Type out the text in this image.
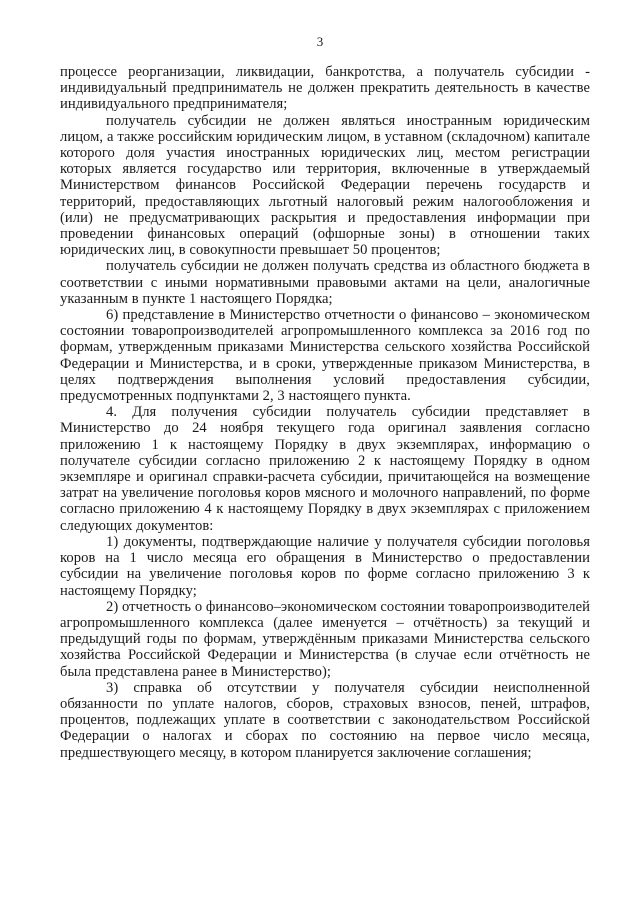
3

процессе реорганизации, ликвидации, банкротства, а получатель субсидии - индивидуальный предприниматель не должен прекратить деятельность в качестве индивидуального предпринимателя;

получатель субсидии не должен являться иностранным юридическим лицом, а также российским юридическим лицом, в уставном (складочном) капитале которого доля участия иностранных юридических лиц, местом регистрации которых является государство или территория, включенные в утверждаемый Министерством финансов Российской Федерации перечень государств и территорий, предоставляющих льготный налоговый режим налогообложения и (или) не предусматривающих раскрытия и предоставления информации при проведении финансовых операций (офшорные зоны) в отношении таких юридических лиц, в совокупности превышает 50 процентов;

получатель субсидии не должен получать средства из областного бюджета в соответствии с иными нормативными правовыми актами на цели, аналогичные указанным в пункте 1 настоящего Порядка;

6) представление в Министерство отчетности о финансово – экономическом состоянии товаропроизводителей агропромышленного комплекса за 2016 год по формам, утвержденным приказами Министерства сельского хозяйства Российской Федерации и Министерства, и в сроки, утвержденные приказом Министерства, в целях подтверждения выполнения условий предоставления субсидии, предусмотренных подпунктами 2, 3 настоящего пункта.

4. Для получения субсидии получатель субсидии представляет в Министерство до 24 ноября текущего года оригинал заявления согласно приложению 1 к настоящему Порядку в двух экземплярах, информацию о получателе субсидии согласно приложению 2 к настоящему Порядку в одном экземпляре и оригинал справки-расчета субсидии, причитающейся на возмещение затрат на увеличение поголовья коров мясного и молочного направлений, по форме согласно приложению 4 к настоящему Порядку в двух экземплярах с приложением следующих документов:

1) документы, подтверждающие наличие у получателя субсидии поголовья коров на 1 число месяца его обращения в Министерство о предоставлении субсидии на увеличение поголовья коров по форме согласно приложению 3 к настоящему Порядку;

2) отчетность о финансово–экономическом состоянии товаропроизводителей агропромышленного комплекса (далее именуется – отчётность) за текущий и предыдущий годы по формам, утверждённым приказами Министерства сельского хозяйства Российской Федерации и Министерства (в случае если отчётность не была представлена ранее в Министерство);

3) справка об отсутствии у получателя субсидии неисполненной обязанности по уплате налогов, сборов, страховых взносов, пеней, штрафов, процентов, подлежащих уплате в соответствии с законодательством Российской Федерации о налогах и сборах по состоянию на первое число месяца, предшествующего месяцу, в котором планируется заключение соглашения;
